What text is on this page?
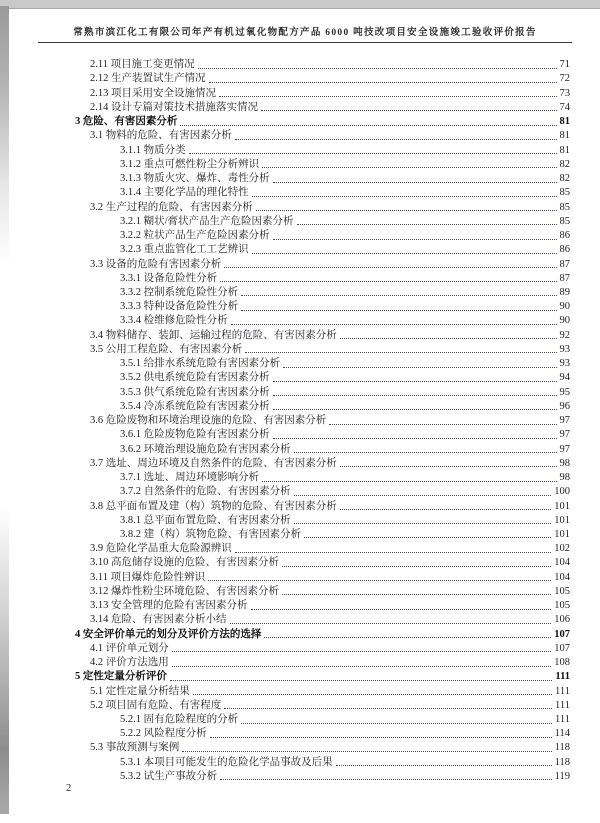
常熟市滨江化工有限公司年产有机过氧化物配方产品 6000 吨技改项目安全设施竣工验收评价报告
2.11 项目施工变更情况	71
2.12 生产装置试生产情况	72
2.13 项目采用安全设施情况	73
2.14 设计专篇对策技术措施落实情况	74
3 危险、有害因素分析	81
3.1 物料的危险、有害因素分析	81
3.1.1 物质分类	81
3.1.2 重点可燃性粉尘分析辨识	82
3.1.3 物质火灾、爆炸、毒性分析	82
3.1.4 主要化学品的理化特性	85
3.2 生产过程的危险、有害因素分析	85
3.2.1 糊状/膏状产品生产危险因素分析	85
3.2.2 粒状产品生产危险因素分析	86
3.2.3 重点监管化工工艺辨识	86
3.3 设备的危险有害因素分析	87
3.3.1 设备危险性分析	87
3.3.2 控制系统危险性分析	89
3.3.3 特种设备危险性分析	90
3.3.4 检维修危险性分析	90
3.4 物料储存、装卸、运输过程的危险、有害因素分析	92
3.5 公用工程危险、有害因素分析	93
3.5.1 给排水系统危险有害因素分析	93
3.5.2 供电系统危险有害因素分析	94
3.5.3 供气系统危险有害因素分析	95
3.5.4 冷冻系统危险有害因素分析	96
3.6 危险废物和环境治理设施的危险、有害因素分析	97
3.6.1 危险废物危险有害因素分析	97
3.6.2 环境治理设施危险有害因素分析	97
3.7 选址、周边环境及自然条件的危险、有害因素分析	98
3.7.1 选址、周边环境影响分析	98
3.7.2 自然条件的危险、有害因素分析	100
3.8 总平面布置及建（构）筑物的危险、有害因素分析	101
3.8.1 总平面布置危险、有害因素分析	101
3.8.2 建（构）筑物危险、有害因素分析	101
3.9 危险化学品重大危险源辨识	102
3.10 高危储存设施的危险、有害因素分析	104
3.11 项目爆炸危险性辨识	104
3.12 爆炸性粉尘环境危险、有害因素分析	105
3.13 安全管理的危险有害因素分析	105
3.14 危险、有害因素分析小结	106
4 安全评价单元的划分及评价方法的选择	107
4.1 评价单元划分	107
4.2 评价方法选用	108
5 定性定量分析评价	111
5.1 定性定量分析结果	111
5.2 项目固有危险、有害程度	111
5.2.1 固有危险程度的分析	111
5.2.2 风险程度分析	114
5.3 事故预测与案例	118
5.3.1 本项目可能发生的危险化学品事故及后果	118
5.3.2 试生产事故分析	119
2
